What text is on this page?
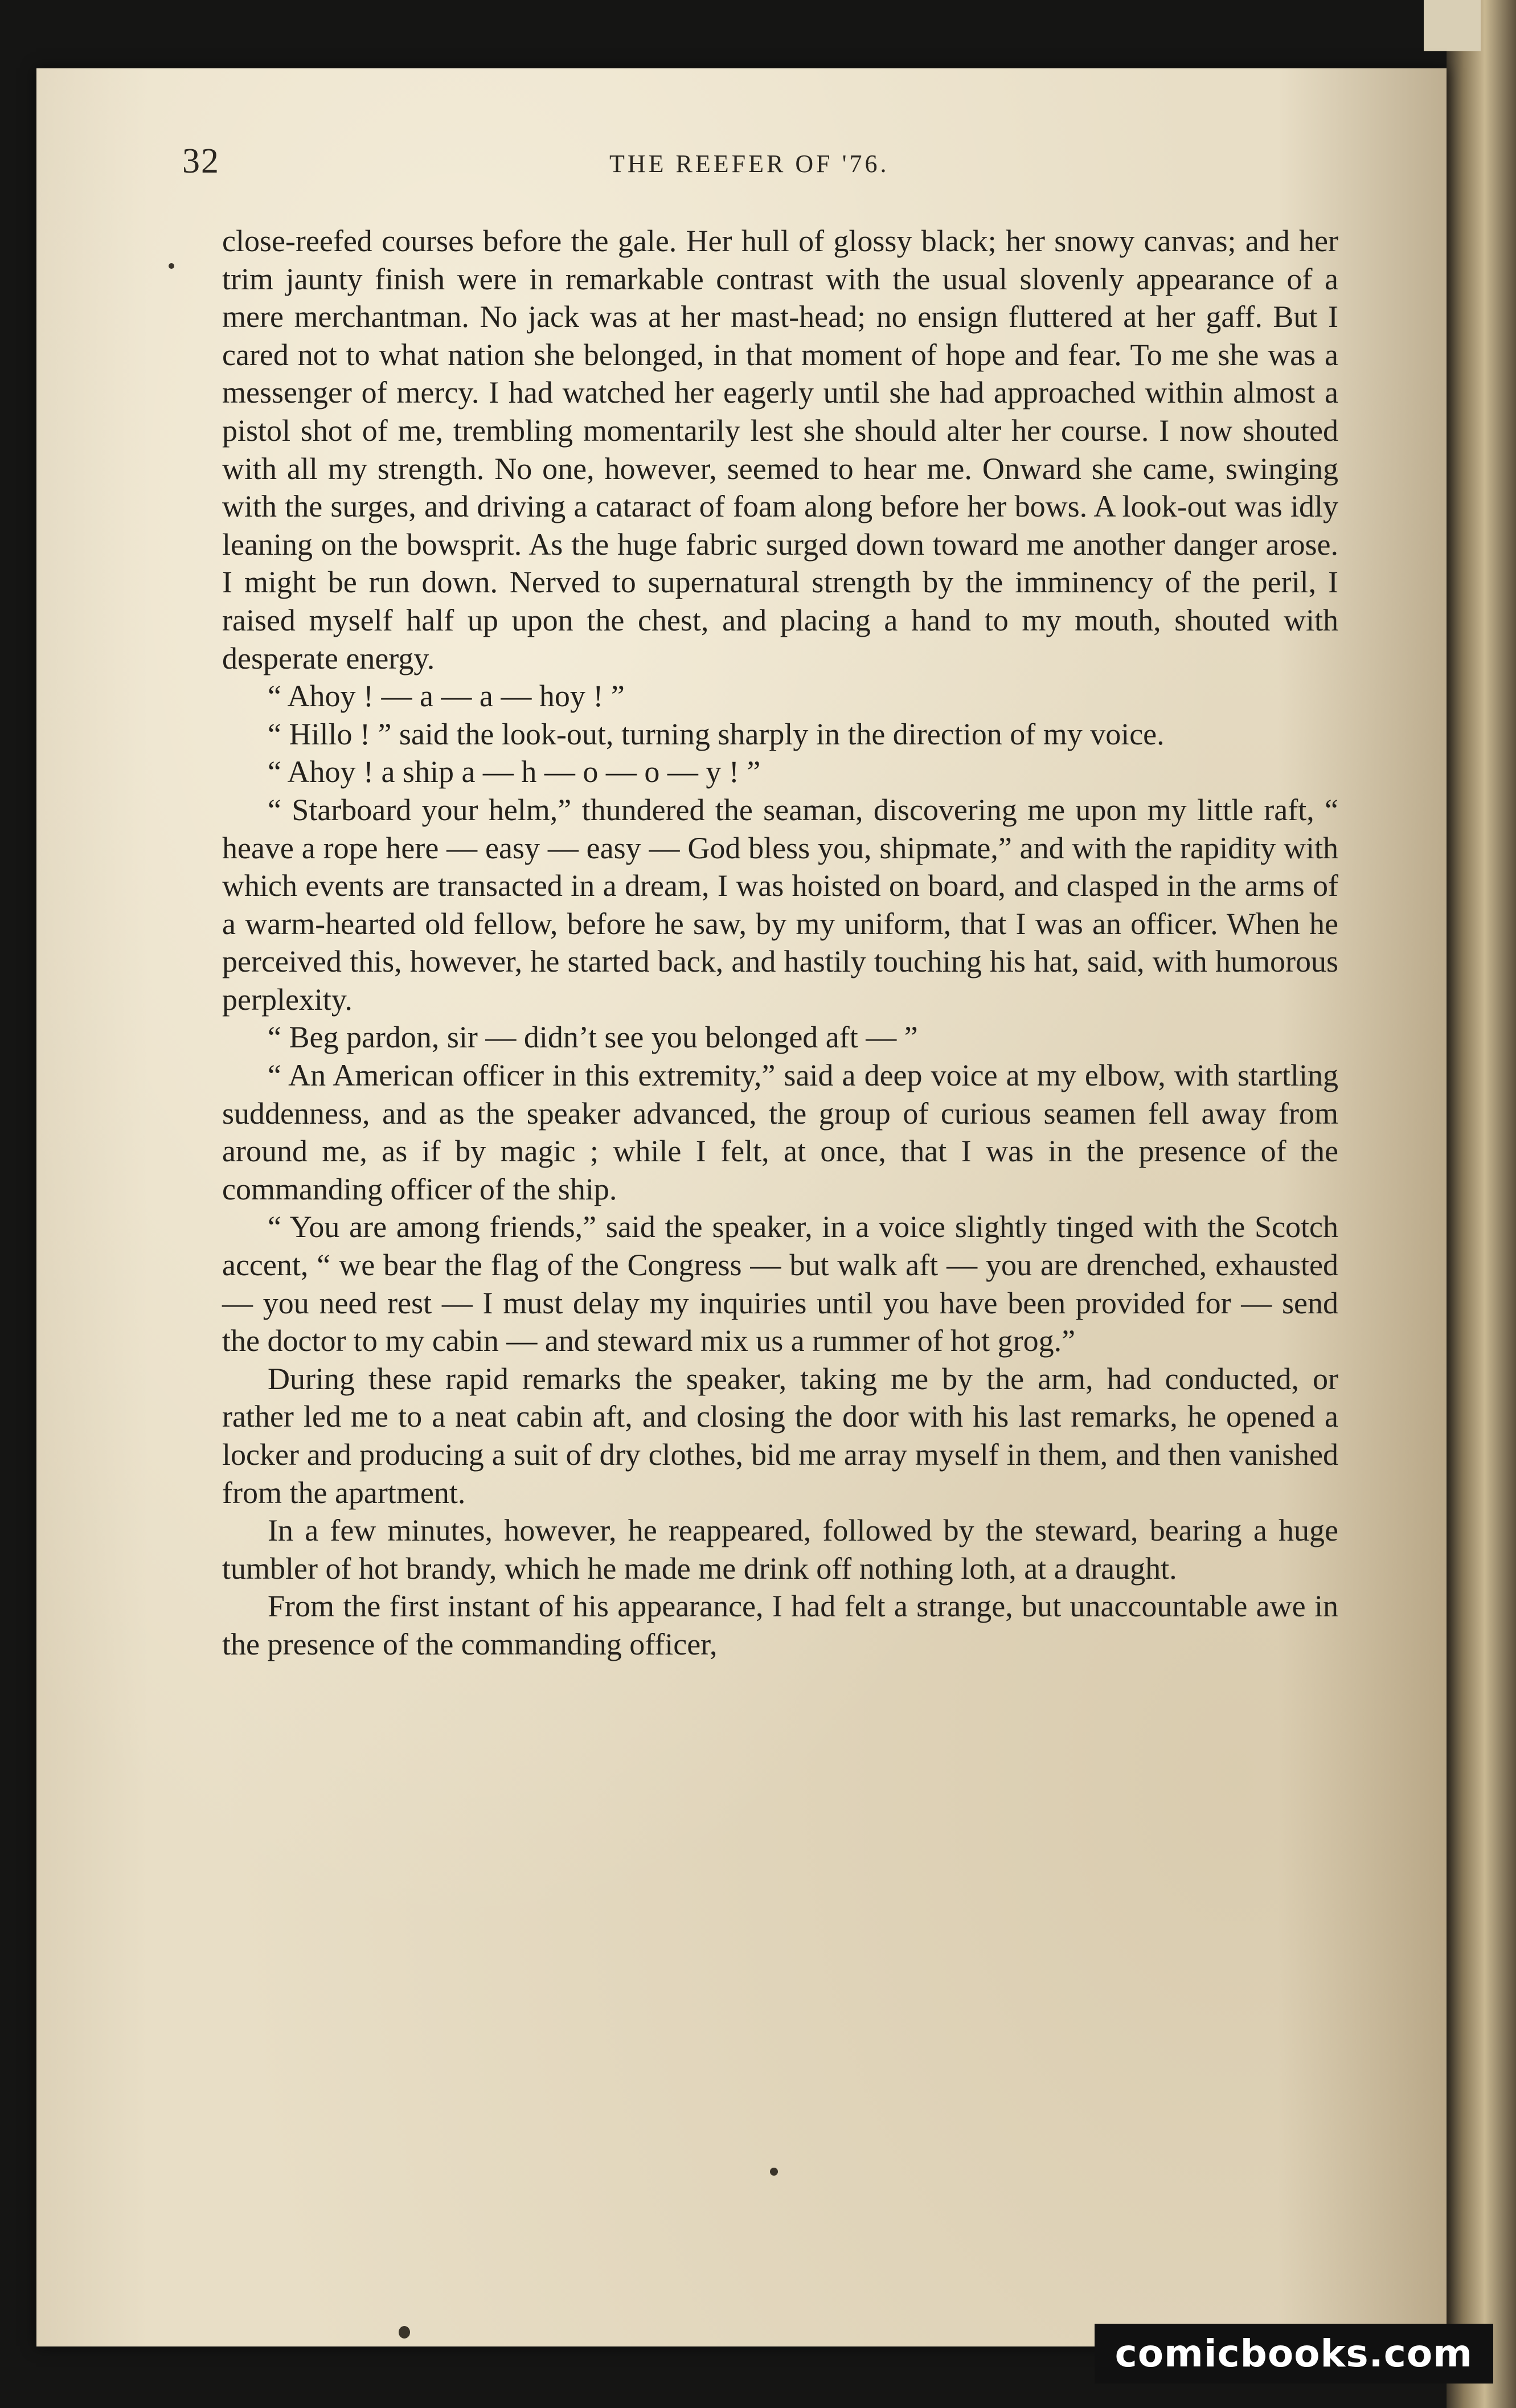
32	THE REEFER OF '76.

close-reefed courses before the gale. Her hull of glossy black; her snowy canvas; and her trim jaunty finish were in remarkable contrast with the usual slovenly appearance of a mere merchantman. No jack was at her mast-head; no ensign fluttered at her gaff. But I cared not to what nation she belonged, in that moment of hope and fear. To me she was a messenger of mercy. I had watched her eagerly until she had approached within almost a pistol shot of me, trembling momentarily lest she should alter her course. I now shouted with all my strength. No one, however, seemed to hear me. Onward she came, swinging with the surges, and driving a cataract of foam along before her bows. A look-out was idly leaning on the bowsprit. As the huge fabric surged down toward me another danger arose. I might be run down. Nerved to supernatural strength by the imminency of the peril, I raised myself half up upon the chest, and placing a hand to my mouth, shouted with desperate energy.

“ Ahoy ! — a — a — hoy ! ”

“ Hillo ! ” said the look-out, turning sharply in the direction of my voice.

“ Ahoy ! a ship a — h — o — o — y ! ”

“ Starboard your helm,” thundered the seaman, discovering me upon my little raft, “ heave a rope here — easy — easy — God bless you, shipmate,” and with the rapidity with which events are transacted in a dream, I was hoisted on board, and clasped in the arms of a warm-hearted old fellow, before he saw, by my uniform, that I was an officer. When he perceived this, however, he started back, and hastily touching his hat, said, with humorous perplexity.

“ Beg pardon, sir — didn’t see you belonged aft — ”

“ An American officer in this extremity,” said a deep voice at my elbow, with startling suddenness, and as the speaker advanced, the group of curious seamen fell away from around me, as if by magic ; while I felt, at once, that I was in the presence of the commanding officer of the ship.

“ You are among friends,” said the speaker, in a voice slightly tinged with the Scotch accent, “ we bear the flag of the Congress — but walk aft — you are drenched, exhausted — you need rest — I must delay my inquiries until you have been provided for — send the doctor to my cabin — and steward mix us a rummer of hot grog.”

During these rapid remarks the speaker, taking me by the arm, had conducted, or rather led me to a neat cabin aft, and closing the door with his last remarks, he opened a locker and producing a suit of dry clothes, bid me array myself in them, and then vanished from the apartment.

In a few minutes, however, he reappeared, followed by the steward, bearing a huge tumbler of hot brandy, which he made me drink off nothing loth, at a draught.

From the first instant of his appearance, I had felt a strange, but unaccountable awe in the presence of the commanding officer,

comicbooks.com
